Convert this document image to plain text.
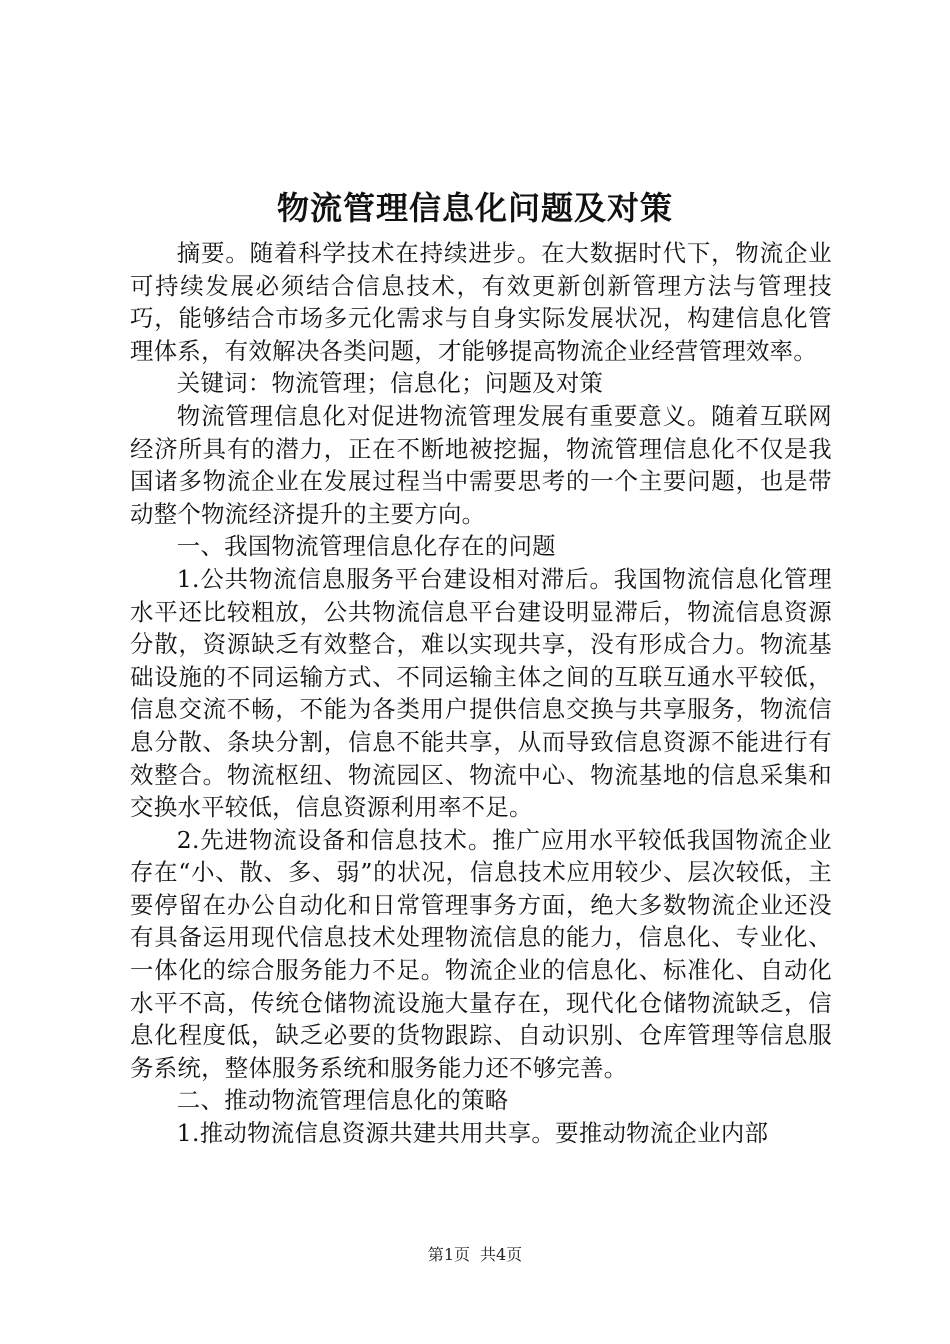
物流管理信息化问题及对策

摘要。随着科学技术在持续进步。在大数据时代下，物流企业可持续发展必须结合信息技术，有效更新创新管理方法与管理技巧，能够结合市场多元化需求与自身实际发展状况，构建信息化管理体系，有效解决各类问题，才能够提高物流企业经营管理效率。

关键词：物流管理；信息化；问题及对策

物流管理信息化对促进物流管理发展有重要意义。随着互联网经济所具有的潜力，正在不断地被挖掘，物流管理信息化不仅是我国诸多物流企业在发展过程当中需要思考的一个主要问题，也是带动整个物流经济提升的主要方向。

一、我国物流管理信息化存在的问题

1.公共物流信息服务平台建设相对滞后。我国物流信息化管理水平还比较粗放，公共物流信息平台建设明显滞后，物流信息资源分散，资源缺乏有效整合，难以实现共享，没有形成合力。物流基础设施的不同运输方式、不同运输主体之间的互联互通水平较低，信息交流不畅，不能为各类用户提供信息交换与共享服务，物流信息分散、条块分割，信息不能共享，从而导致信息资源不能进行有效整合。物流枢纽、物流园区、物流中心、物流基地的信息采集和交换水平较低，信息资源利用率不足。

2.先进物流设备和信息技术。推广应用水平较低我国物流企业存在“小、散、多、弱”的状况，信息技术应用较少、层次较低，主要停留在办公自动化和日常管理事务方面，绝大多数物流企业还没有具备运用现代信息技术处理物流信息的能力，信息化、专业化、一体化的综合服务能力不足。物流企业的信息化、标准化、自动化水平不高，传统仓储物流设施大量存在，现代化仓储物流缺乏，信息化程度低，缺乏必要的货物跟踪、自动识别、仓库管理等信息服务系统，整体服务系统和服务能力还不够完善。

二、推动物流管理信息化的策略

1.推动物流信息资源共建共用共享。要推动物流企业内部

第1页 共4页
